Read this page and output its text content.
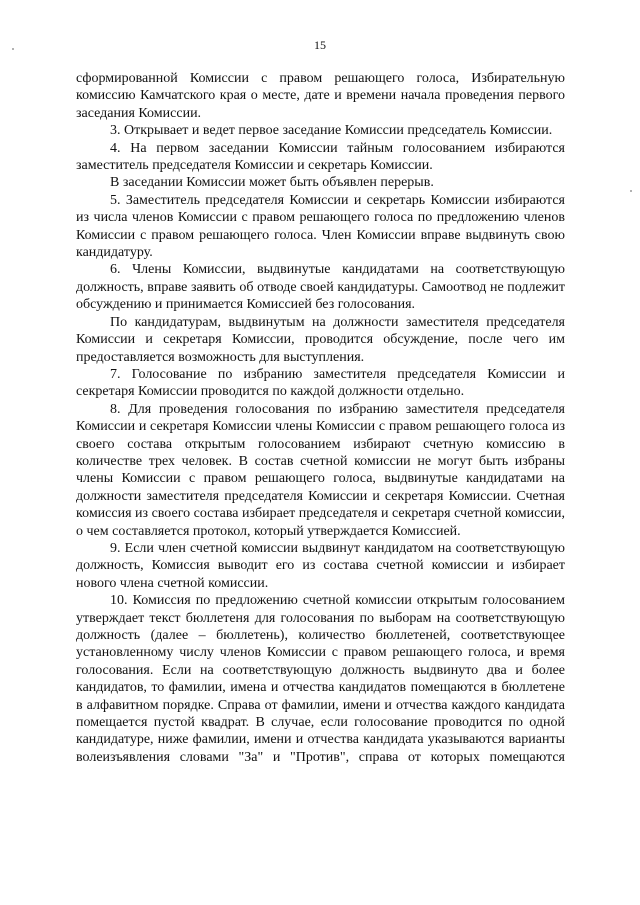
15

сформированной Комиссии с правом решающего голоса, Избирательную комиссию Камчатского края о месте, дате и времени начала проведения первого заседания Комиссии.

3. Открывает и ведет первое заседание Комиссии председатель Комиссии.

4. На первом заседании Комиссии тайным голосованием избираются заместитель председателя Комиссии и секретарь Комиссии.

В заседании Комиссии может быть объявлен перерыв.

5. Заместитель председателя Комиссии и секретарь Комиссии избираются из числа членов Комиссии с правом решающего голоса по предложению членов Комиссии с правом решающего голоса. Член Комиссии вправе выдвинуть свою кандидатуру.

6. Члены Комиссии, выдвинутые кандидатами на соответствующую должность, вправе заявить об отводе своей кандидатуры. Самоотвод не подлежит обсуждению и принимается Комиссией без голосования.

По кандидатурам, выдвинутым на должности заместителя председателя Комиссии и секретаря Комиссии, проводится обсуждение, после чего им предоставляется возможность для выступления.

7. Голосование по избранию заместителя председателя Комиссии и секретаря Комиссии проводится по каждой должности отдельно.

8. Для проведения голосования по избранию заместителя председателя Комиссии и секретаря Комиссии члены Комиссии с правом решающего голоса из своего состава открытым голосованием избирают счетную комиссию в количестве трех человек. В состав счетной комиссии не могут быть избраны члены Комиссии с правом решающего голоса, выдвинутые кандидатами на должности заместителя председателя Комиссии и секретаря Комиссии. Счетная комиссия из своего состава избирает председателя и секретаря счетной комиссии, о чем составляется протокол, который утверждается Комиссией.

9. Если член счетной комиссии выдвинут кандидатом на соответствующую должность, Комиссия выводит его из состава счетной комиссии и избирает нового члена счетной комиссии.

10. Комиссия по предложению счетной комиссии открытым голосованием утверждает текст бюллетеня для голосования по выборам на соответствующую должность (далее – бюллетень), количество бюллетеней, соответствующее установленному числу членов Комиссии с правом решающего голоса, и время голосования. Если на соответствующую должность выдвинуто два и более кандидатов, то фамилии, имена и отчества кандидатов помещаются в бюллетене в алфавитном порядке. Справа от фамилии, имени и отчества каждого кандидата помещается пустой квадрат. В случае, если голосование проводится по одной кандидатуре, ниже фамилии, имени и отчества кандидата указываются варианты волеизъявления словами "За" и "Против", справа от которых помещаются
